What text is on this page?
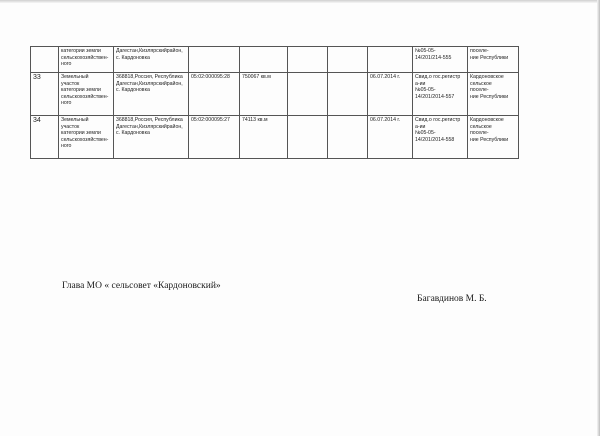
	категории земли
сельскохозяйствен-
ного	Дагестан,Кизлярскийрайон,
с. Кардоновка						№05-05-
14/201/214-555	поселе-
ние Республики
33	Земельный
участок
категории земли
сельскохозяйствен-
ного	368818,Россия, Республика
Дагестан,Кизлярскийрайон,
с. Кардоновка	05:02:000095:28	750067 кв.м			06.07.2014 г.	Свид.о гос.регистр
а-ии
№05-05-
14/201/2014-557	Кардоновское
сельское
поселе-
ние Республики
34	Земельный
участок
категории земли
сельскохозяйствен-
ного	368818,Россия, Республика
Дагестан,Кизлярскийрайон,
с. Кардоновка	05:02:000095:27	74113 кв.м			06.07.2014 г.	Свид.о гос.регистр
а-ии
№05-05-
14/201/2014-558	Кардоновское
сельское
поселе-
ние Республики
Глава МО « сельсовет «Кардоновский»
Багавдинов М. Б.
